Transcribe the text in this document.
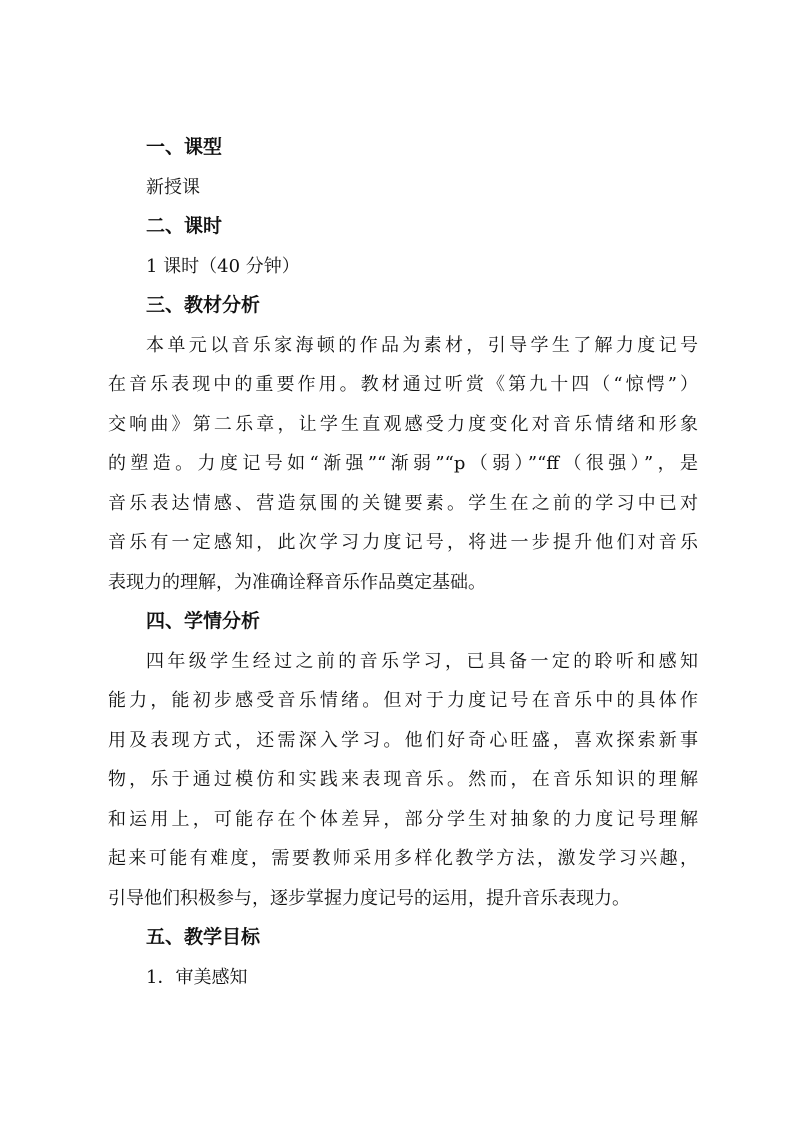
一、课型
新授课
二、课时
1 课时（40 分钟）
三、教材分析
本单元以音乐家海顿的作品为素材，引导学生了解力度记号
在音乐表现中的重要作用。教材通过听赏《第九十四（“惊愕”）
交响曲》第二乐章，让学生直观感受力度变化对音乐情绪和形象
的塑造。力度记号如“渐强”“渐弱”“p（弱）”“ff（很强）”，是
音乐表达情感、营造氛围的关键要素。学生在之前的学习中已对
音乐有一定感知，此次学习力度记号，将进一步提升他们对音乐
表现力的理解，为准确诠释音乐作品奠定基础。
四、学情分析
四年级学生经过之前的音乐学习，已具备一定的聆听和感知
能力，能初步感受音乐情绪。但对于力度记号在音乐中的具体作
用及表现方式，还需深入学习。他们好奇心旺盛，喜欢探索新事
物，乐于通过模仿和实践来表现音乐。然而，在音乐知识的理解
和运用上，可能存在个体差异，部分学生对抽象的力度记号理解
起来可能有难度，需要教师采用多样化教学方法，激发学习兴趣，
引导他们积极参与，逐步掌握力度记号的运用，提升音乐表现力。
五、教学目标
1．审美感知
